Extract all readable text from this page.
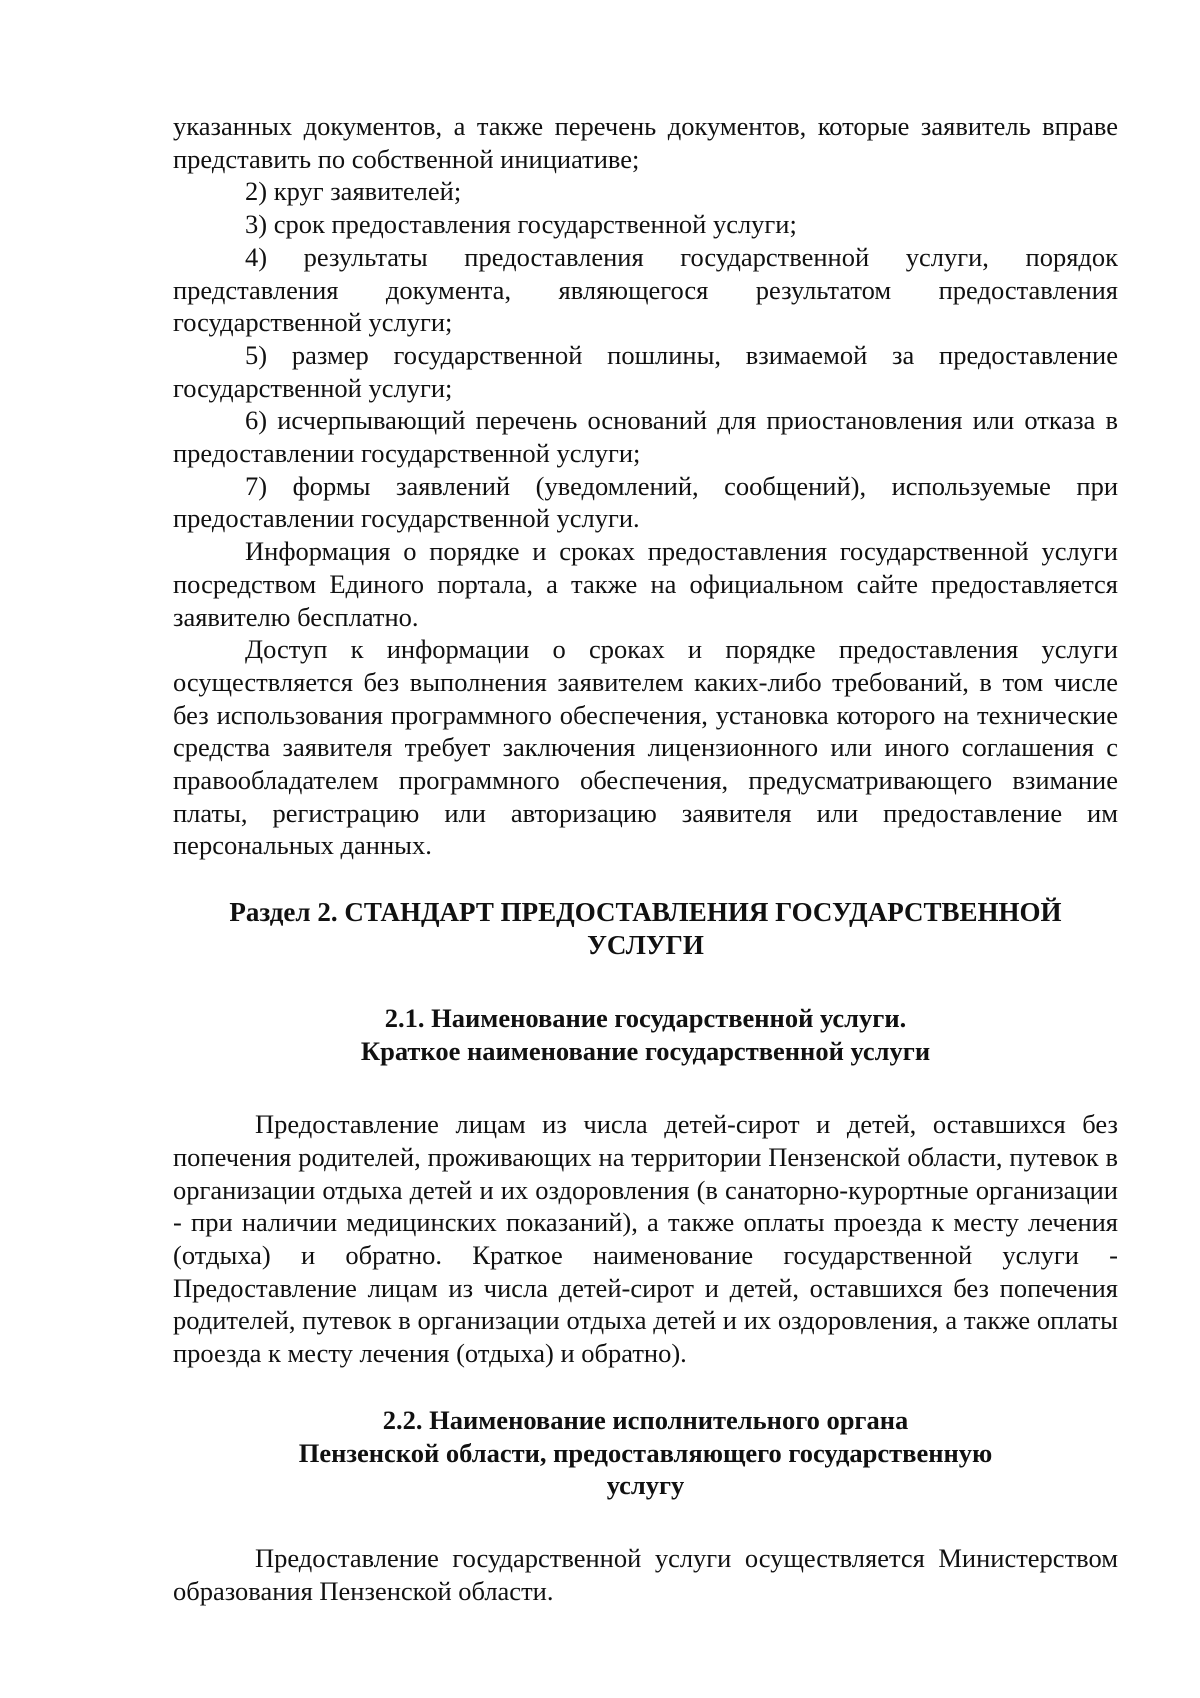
указанных документов, а также перечень документов, которые заявитель вправе представить по собственной инициативе;

2) круг заявителей;

3) срок предоставления государственной услуги;

4) результаты предоставления государственной услуги, порядок представления документа, являющегося результатом предоставления государственной услуги;

5) размер государственной пошлины, взимаемой за предоставление государственной услуги;

6) исчерпывающий перечень оснований для приостановления или отказа в предоставлении государственной услуги;

7) формы заявлений (уведомлений, сообщений), используемые при предоставлении государственной услуги.

Информация о порядке и сроках предоставления государственной услуги посредством Единого портала, а также на официальном сайте предоставляется заявителю бесплатно.

Доступ к информации о сроках и порядке предоставления услуги осуществляется без выполнения заявителем каких-либо требований, в том числе без использования программного обеспечения, установка которого на технические средства заявителя требует заключения лицензионного или иного соглашения с правообладателем программного обеспечения, предусматривающего взимание платы, регистрацию или авторизацию заявителя или предоставление им персональных данных.

Раздел 2. СТАНДАРТ ПРЕДОСТАВЛЕНИЯ ГОСУДАРСТВЕННОЙ
УСЛУГИ
2.1. Наименование государственной услуги.
Краткое наименование государственной услуги

Предоставление лицам из числа детей-сирот и детей, оставшихся без попечения родителей, проживающих на территории Пензенской области, путевок в организации отдыха детей и их оздоровления (в санаторно-курортные организации - при наличии медицинских показаний), а также оплаты проезда к месту лечения (отдыха) и обратно. Краткое наименование государственной услуги - Предоставление лицам из числа детей-сирот и детей, оставшихся без попечения родителей, путевок в организации отдыха детей и их оздоровления, а также оплаты проезда к месту лечения (отдыха) и обратно).

2.2. Наименование исполнительного органа
Пензенской области, предоставляющего государственную
услугу

Предоставление государственной услуги осуществляется Министерством образования Пензенской области.
